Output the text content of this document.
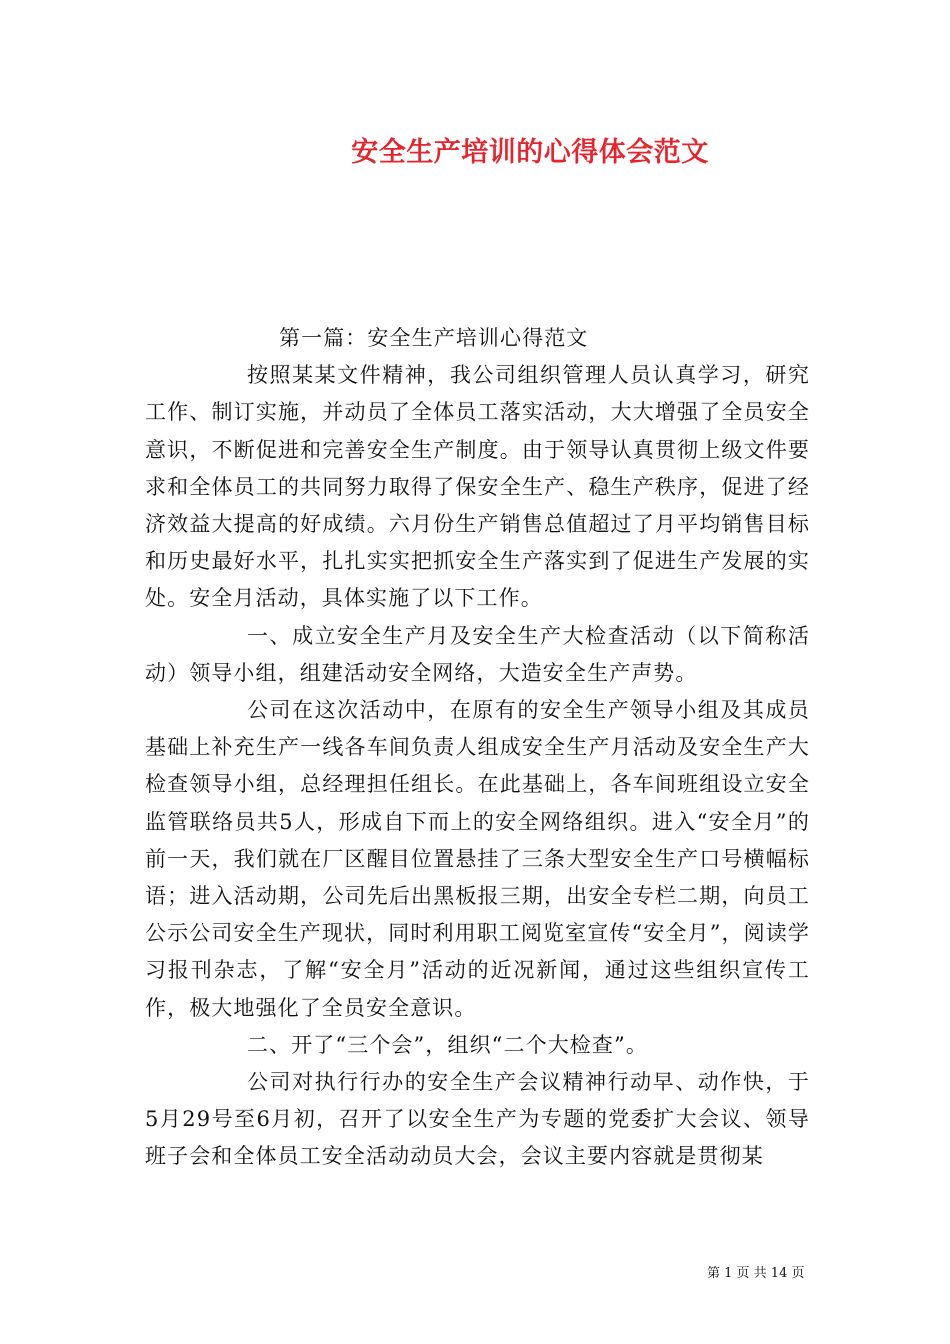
安全生产培训的心得体会范文

第一篇：安全生产培训心得范文

按照某某文件精神，我公司组织管理人员认真学习，研究工作、制订实施，并动员了全体员工落实活动，大大增强了全员安全意识，不断促进和完善安全生产制度。由于领导认真贯彻上级文件要求和全体员工的共同努力取得了保安全生产、稳生产秩序，促进了经济效益大提高的好成绩。六月份生产销售总值超过了月平均销售目标和历史最好水平，扎扎实实把抓安全生产落实到了促进生产发展的实处。安全月活动，具体实施了以下工作。

一、成立安全生产月及安全生产大检查活动（以下简称活动）领导小组，组建活动安全网络，大造安全生产声势。

公司在这次活动中，在原有的安全生产领导小组及其成员基础上补充生产一线各车间负责人组成安全生产月活动及安全生产大检查领导小组，总经理担任组长。在此基础上，各车间班组设立安全监管联络员共5人，形成自下而上的安全网络组织。进入“安全月”的前一天，我们就在厂区醒目位置悬挂了三条大型安全生产口号横幅标语；进入活动期，公司先后出黑板报三期，出安全专栏二期，向员工公示公司安全生产现状，同时利用职工阅览室宣传“安全月”，阅读学习报刊杂志，了解“安全月”活动的近况新闻，通过这些组织宣传工作，极大地强化了全员安全意识。

二、开了“三个会”，组织“二个大检查”。

公司对执行行办的安全生产会议精神行动早、动作快，于5月29号至6月初，召开了以安全生产为专题的党委扩大会议、领导班子会和全体员工安全活动动员大会，会议主要内容就是贯彻某

第 1 页 共 14 页
